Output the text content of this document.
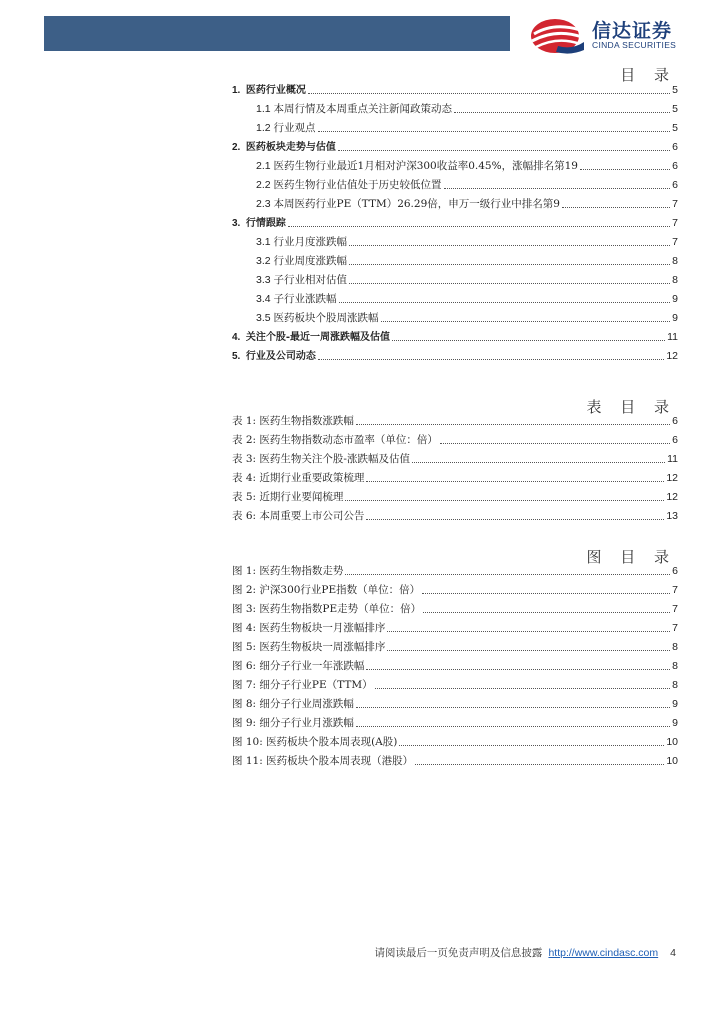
信达证券
CINDA SECURITIES
目 录
1. 医药行业概况	5
1.1 本周行情及本周重点关注新闻政策动态	5
1.2 行业观点	5
2. 医药板块走势与估值	6
2.1 医药生物行业最近1月相对沪深300收益率0.45%，涨幅排名第19	6
2.2 医药生物行业估值处于历史较低位置	6
2.3 本周医药行业PE（TTM）26.29倍，申万一级行业中排名第9	7
3. 行情跟踪	7
3.1 行业月度涨跌幅	7
3.2 行业周度涨跌幅	8
3.3 子行业相对估值	8
3.4 子行业涨跌幅	9
3.5 医药板块个股周涨跌幅	9
4. 关注个股-最近一周涨跌幅及估值	11
5. 行业及公司动态	12
表 目 录
表 1: 医药生物指数涨跌幅	6
表 2: 医药生物指数动态市盈率（单位：倍）	6
表 3: 医药生物关注个股-涨跌幅及估值	11
表 4: 近期行业重要政策梳理	12
表 5: 近期行业要闻梳理	12
表 6: 本周重要上市公司公告	13
图 目 录
图 1: 医药生物指数走势	6
图 2: 沪深300行业PE指数（单位：倍）	7
图 3: 医药生物指数PE走势（单位：倍）	7
图 4: 医药生物板块一月涨幅排序	7
图 5: 医药生物板块一周涨幅排序	8
图 6: 细分子行业一年涨跌幅	8
图 7: 细分子行业PE（TTM）	8
图 8: 细分子行业周涨跌幅	9
图 9: 细分子行业月涨跌幅	9
图 10: 医药板块个股本周表现(A股)	10
图 11: 医药板块个股本周表现（港股）	10
请阅读最后一页免责声明及信息披露 http://www.cindasc.com 4
